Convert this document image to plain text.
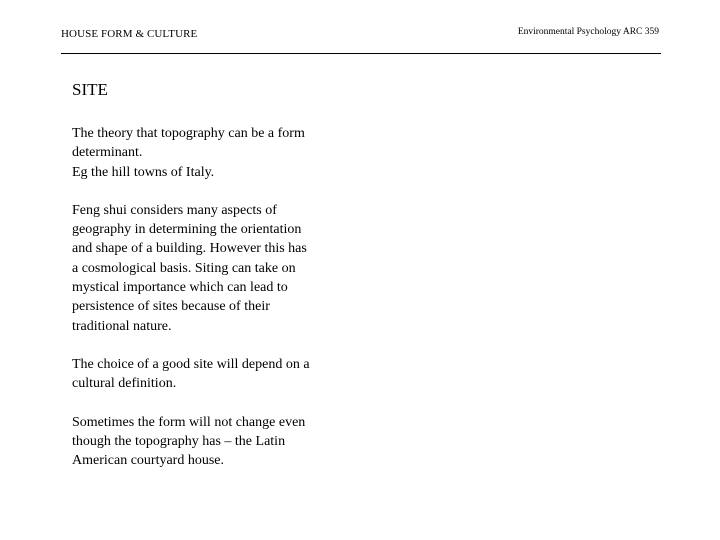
HOUSE FORM & CULTURE	Environmental Psychology ARC 359
SITE
The theory that topography can be a form
determinant.
Eg the hill towns of Italy.
Feng shui considers many aspects of
geography in determining the orientation
and shape of a building. However this has
a cosmological basis. Siting can take on
mystical importance which can lead to
persistence of sites because of their
traditional nature.
The choice of a good site will depend on a
cultural definition.
Sometimes the form will not change even
though the topography has – the Latin
American courtyard house.
